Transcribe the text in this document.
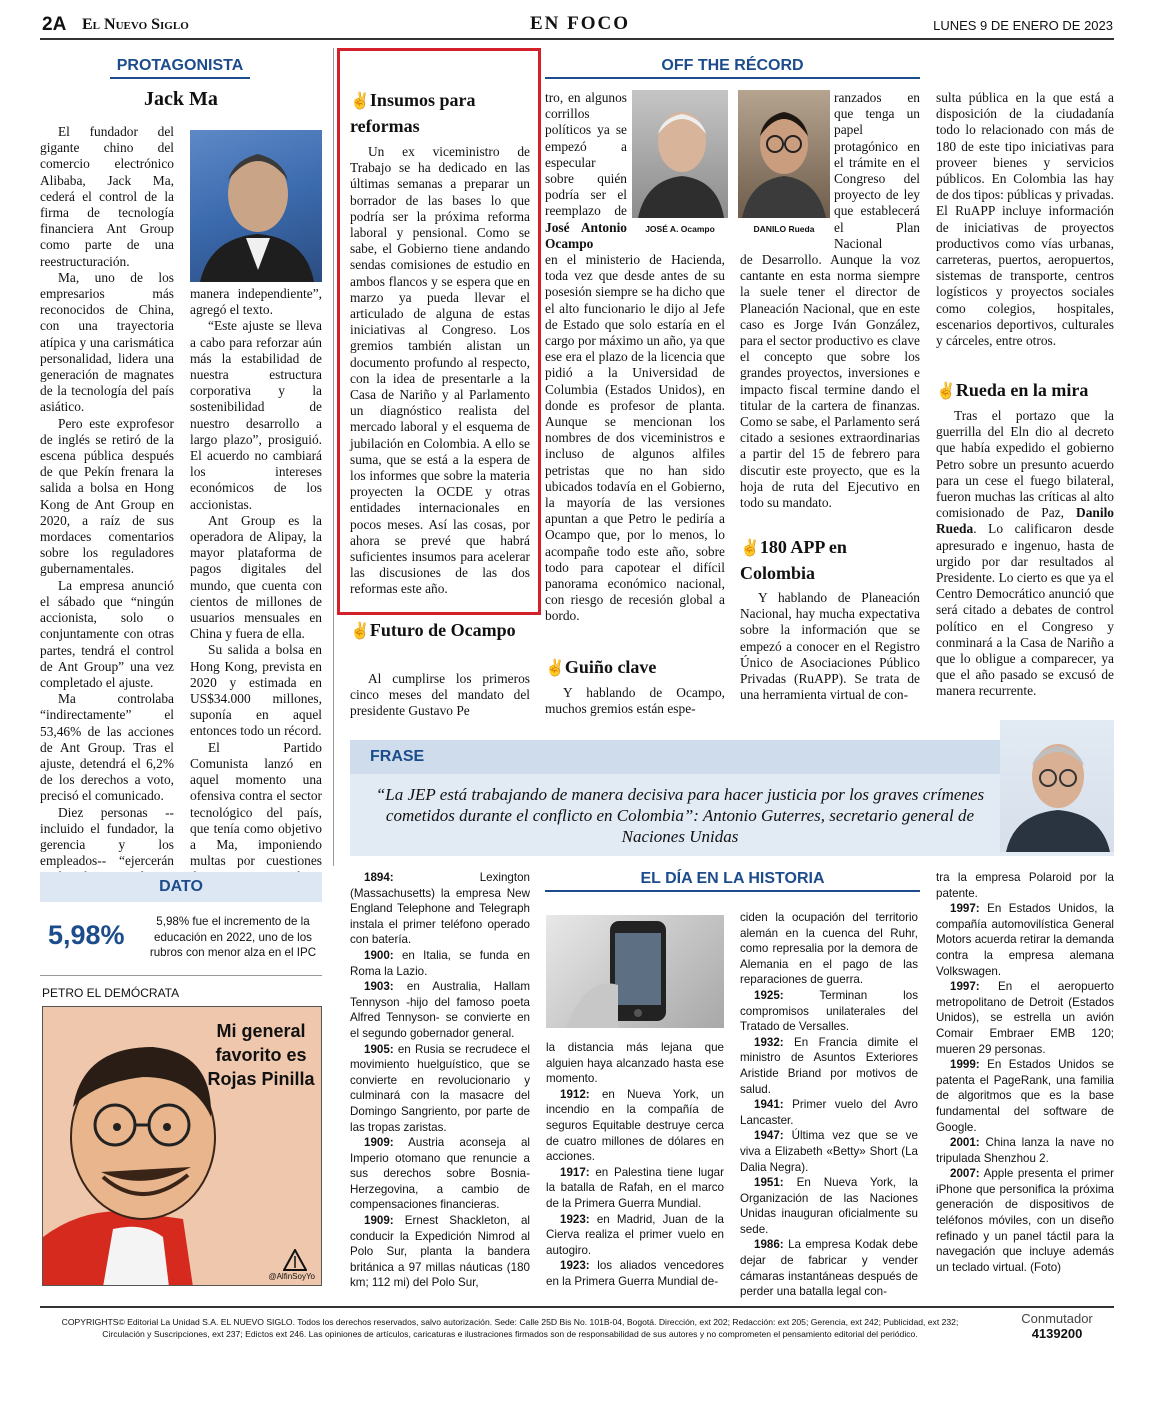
2A El Nuevo Siglo	EN FOCO	LUNES 9 DE ENERO DE 2023
PROTAGONISTA
Jack Ma

El fundador del gigante chino del comercio electrónico Alibaba, Jack Ma, cederá el control de la firma de tecnología financiera Ant Group como parte de una reestructuración.

Ma, uno de los empresarios más reconocidos de China, con una trayectoria atípica y una carismática personalidad, lidera una generación de magnates de la tecnología del país asiático.

Pero este exprofesor de inglés se retiró de la escena pública después de que Pekín frenara la salida a bolsa en Hong Kong de Ant Group en 2020, a raíz de sus mordaces comentarios sobre los reguladores gubernamentales.

La empresa anunció el sábado que “ningún accionista, solo o conjuntamente con otras partes, tendrá el control de Ant Group” una vez completado el ajuste.

Ma controlaba “indirectamente” el 53,46% de las acciones de Ant Group. Tras el ajuste, detendrá el 6,2% de los derechos a voto, precisó el comunicado.

Diez personas --incluido el fundador, la gerencia y los empleados-- “ejercerán

manera independiente”, agregó el texto.

“Este ajuste se lleva a cabo para reforzar aún más la estabilidad de nuestra estructura corporativa y la sostenibilidad de nuestro desarrollo a largo plazo”, prosiguió. El acuerdo no cambiará los intereses económicos de los accionistas.

Ant Group es la operadora de Alipay, la mayor plataforma de pagos digitales del mundo, que cuenta con cientos de millones de usuarios mensuales en China y fuera de ella.

Su salida a bolsa en Hong Kong, prevista en 2020 y estimada en US$34.000 millones, suponía en aquel entonces todo un récord.

El Partido Comunista lanzó en aquel momento una ofensiva contra el sector tecnológico del país, que tenía como objetivo a Ma, imponiendo multas por cuestiones

DATO
5,98%	5,98% fue el incremento de la educación en 2022, uno de los rubros con menor alza en el IPC
PETRO EL DEMÓCRATA
Mi general favorito es Rojas Pinilla
@AlfinSoyYo
OFF THE RÉCORD
✌Insumos para reformas

Un ex viceministro de Trabajo se ha dedicado en las últimas semanas a preparar un borrador de las bases lo que podría ser la próxima reforma laboral y pensional. Como se sabe, el Gobierno tiene andando sendas comisiones de estudio en ambos flancos y se espera que en marzo ya pueda llevar el articulado de alguna de estas iniciativas al Congreso. Los gremios también alistan un documento profundo al respecto, con la idea de presentarle a la Casa de Nariño y al Parlamento un diagnóstico realista del mercado laboral y el esquema de jubilación en Colombia. A ello se suma, que se está a la espera de los informes que sobre la materia proyecten la OCDE y otras entidades internacionales en pocos meses. Así las cosas, por ahora se prevé que habrá suficientes insumos para acelerar las discusiones de las dos reformas este año.

✌Futuro de Ocampo

Al cumplirse los primeros cinco meses del mandato del presidente Gustavo Pe

tro, en algunos corrillos políticos ya se empezó a especular sobre quién podría ser el reemplazo de José Antonio Ocampo
JOSÉ A. Ocampo	DANILO Rueda
en el ministerio de Hacienda, toda vez que desde antes de su posesión siempre se ha dicho que el alto funcionario le dijo al Jefe de Estado que solo estaría en el cargo por máximo un año, ya que ese era el plazo de la licencia que pidió a la Universidad de Columbia (Estados Unidos), en donde es profesor de planta. Aunque se mencionan los nombres de dos viceministros e incluso de algunos alfiles petristas que no han sido ubicados todavía en el Gobierno, la mayoría de las versiones apuntan a que Petro le pediría a Ocampo que, por lo menos, lo acompañe todo este año, sobre todo para capotear el difícil panorama económico nacional, con riesgo de recesión global a bordo.
✌Guiño clave

Y hablando de Ocampo, muchos gremios están espe-

ranzados en que tenga un papel protagónico en el trámite en el Congreso del proyecto de ley que establecerá el Plan Nacional
de Desarrollo. Aunque la voz cantante en esta norma siempre la suele tener el director de Planeación Nacional, que en este caso es Jorge Iván González, para el sector productivo es clave el concepto que sobre los grandes proyectos, inversiones e impacto fiscal termine dando el titular de la cartera de finanzas. Como se sabe, el Parlamento será citado a sesiones extraordinarias a partir del 15 de febrero para discutir este proyecto, que es la hoja de ruta del Ejecutivo en todo su mandato.
✌180 APP en Colombia

Y hablando de Planeación Nacional, hay mucha expectativa sobre la información que se empezó a conocer en el Registro Único de Asociaciones Público Privadas (RuAPP). Se trata de una herramienta virtual de con-

sulta pública en la que está a disposición de la ciudadanía todo lo relacionado con más de 180 de este tipo iniciativas para proveer bienes y servicios públicos. En Colombia las hay de dos tipos: públicas y privadas. El RuAPP incluye información de iniciativas de proyectos productivos como vías urbanas, carreteras, puertos, aeropuertos, sistemas de transporte, centros logísticos y proyectos sociales como colegios, hospitales, escenarios deportivos, culturales y cárceles, entre otros.
✌Rueda en la mira

Tras el portazo que la guerrilla del Eln dio al decreto que había expedido el gobierno Petro sobre un presunto acuerdo para un cese el fuego bilateral, fueron muchas las críticas al alto comisionado de Paz, Danilo Rueda. Lo calificaron desde apresurado e ingenuo, hasta de urgido por dar resultados al Presidente. Lo cierto es que ya el Centro Democrático anunció que será citado a debates de control político en el Congreso y conminará a la Casa de Nariño a que lo obligue a comparecer, ya que el año pasado se excusó de manera recurrente.

FRASE
“La JEP está trabajando de manera decisiva para hacer justicia por los graves crímenes cometidos durante el conflicto en Colombia”: Antonio Guterres, secretario general de Naciones Unidas
EL DÍA EN LA HISTORIA

1894:	Lexington (Massachusetts) la empresa New England Telephone and Telegraph instala el primer teléfono operado con batería.

1900: en Italia, se funda en Roma la Lazio.

1903: en Australia, Hallam Tennyson -hijo del famoso poeta Alfred Tennyson- se convierte en el segundo gobernador general.

1905: en Rusia se recrudece el movimiento huelguístico, que se convierte en revolucionario y culminará con la masacre del Domingo Sangriento, por parte de las tropas zaristas.

1909: Austria aconseja al Imperio otomano que renuncie a sus derechos sobre Bosnia-Herzegovina, a cambio de compensaciones financieras.

1909: Ernest Shackleton, al conducir la Expedición Nimrod al Polo Sur, planta la bandera británica a 97 millas náuticas (180 km; 112 mi) del Polo Sur,

la distancia más lejana que alguien haya alcanzado hasta ese momento.

1912: en Nueva York, un incendio en la compañía de seguros Equitable destruye cerca de cuatro millones de dólares en acciones.

1917: en Palestina tiene lugar la batalla de Rafah, en el marco de la Primera Guerra Mundial.

1923: en Madrid, Juan de la Cierva realiza el primer vuelo en autogiro.

1923: los aliados vencedores en la Primera Guerra Mundial de-

ciden la ocupación del territorio alemán en la cuenca del Ruhr, como represalia por la demora de Alemania en el pago de las reparaciones de guerra.

1925:	Terminan los compromisos unilaterales del Tratado de Versalles.

1932: En Francia dimite el ministro de Asuntos Exteriores Aristide Briand por motivos de salud.

1941: Primer vuelo del Avro Lancaster.

1947: Última vez que se ve viva a Elizabeth «Betty» Short (La Dalia Negra).

1951: En Nueva York, la Organización de las Naciones Unidas inauguran oficialmente su sede.

1986: La empresa Kodak debe dejar de fabricar y vender cámaras instantáneas después de perder una batalla legal con-

tra la empresa Polaroid por la patente.

1997: En Estados Unidos, la compañía automovilística General Motors acuerda retirar la demanda contra la empresa alemana Volkswagen.

1997: En el aeropuerto metropolitano de Detroit (Estados Unidos), se estrella un avión Comair Embraer EMB 120; mueren 29 personas.

1999: En Estados Unidos se patenta el PageRank, una familia de algoritmos que es la base fundamental del software de Google.

2001: China lanza la nave no tripulada Shenzhou 2.

2007: Apple presenta el primer iPhone que personifica la próxima generación de dispositivos de teléfonos móviles, con un diseño refinado y un panel táctil para la navegación que incluye además un teclado virtual. (Foto)

COPYRIGHTS© Editorial La Unidad S.A. EL NUEVO SIGLO. Todos los derechos reservados, salvo autorización. Sede: Calle 25D Bis No. 101B-04, Bogotá. Dirección, ext 202; Redacción: ext 205; Gerencia, ext 242; Publicidad, ext 232;
Circulación y Suscripciones, ext 237; Edictos ext 246. Las opiniones de artículos, caricaturas e ilustraciones firmados son de responsabilidad de sus autores y no comprometen el pensamiento editorial del periódico.
Conmutador
4139200
